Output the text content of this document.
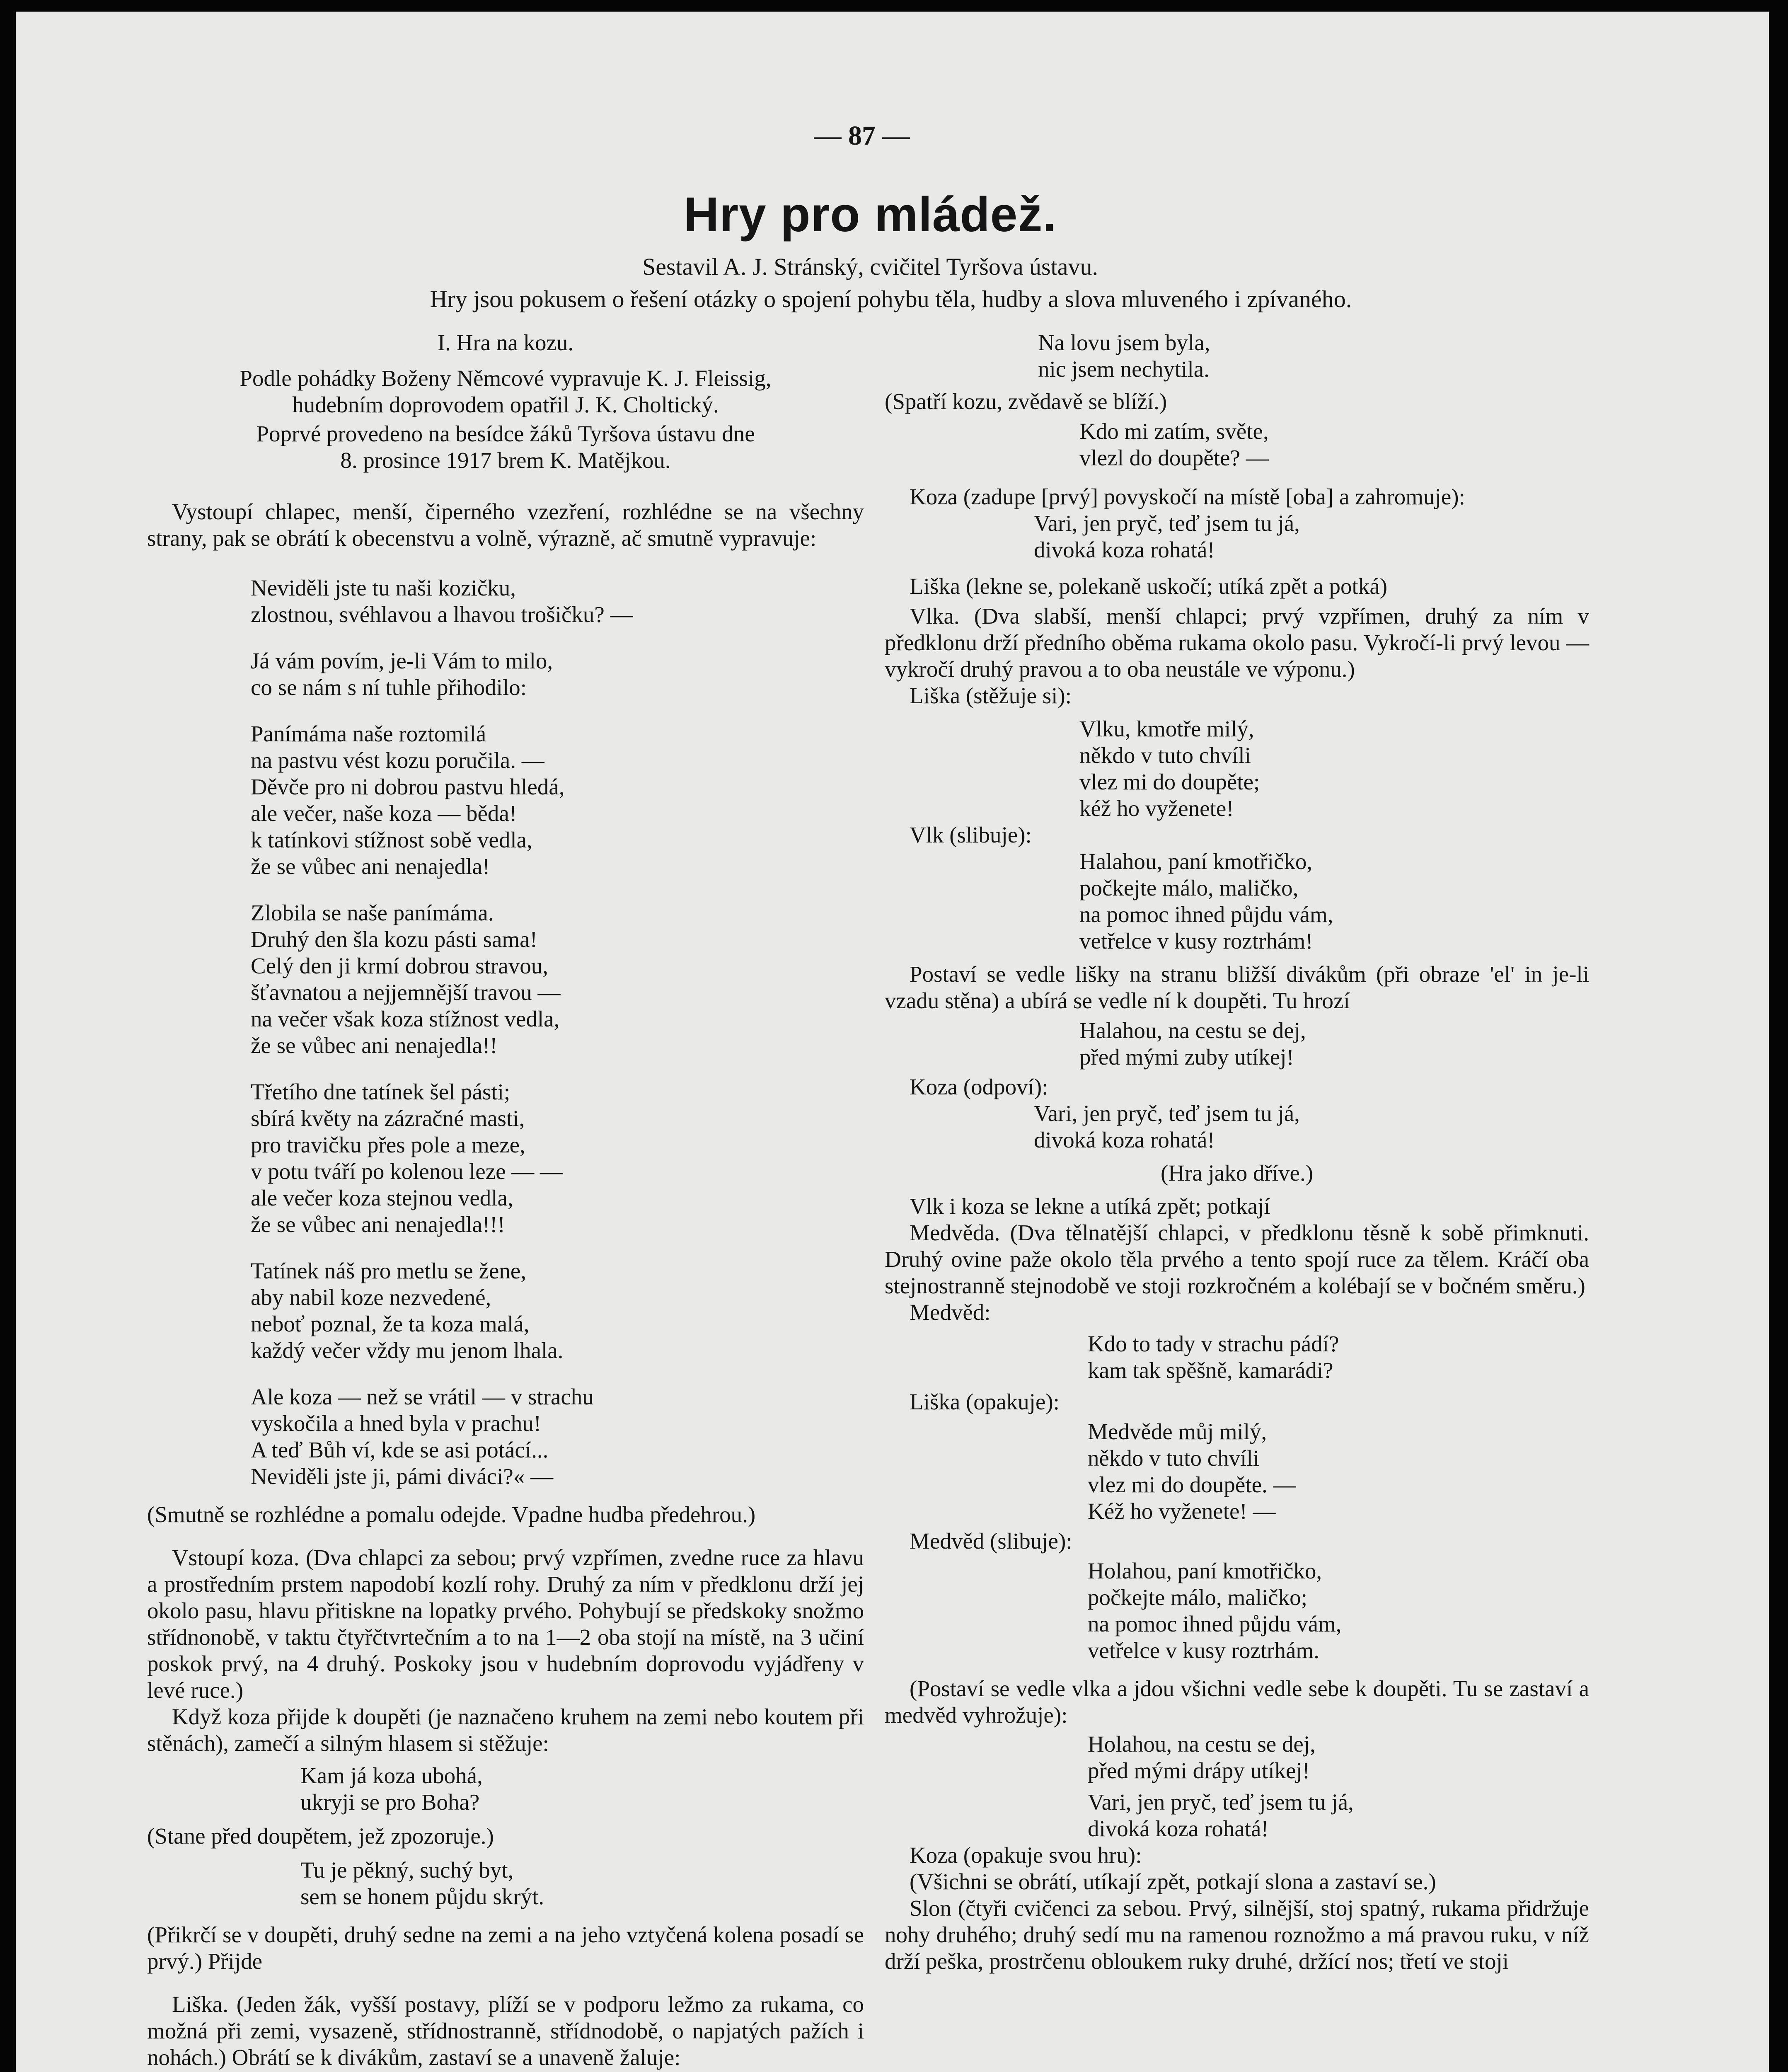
— 87 —
Hry pro mládež.
Sestavil A. J. Stránský, cvičitel Tyršova ústavu.
Hry jsou pokusem o řešení otázky o spojení pohybu těla, hudby a slova mluveného i zpívaného.

I. Hra na kozu.

Podle pohádky Boženy Němcové vypravuje K. J. Fleissig,

hudebním doprovodem opatřil J. K. Choltický.

Poprvé provedeno na besídce žáků Tyršova ústavu dne

8. prosince 1917 brem K. Matějkou.

Vystoupí chlapec, menší, čiperného vzezření, rozhlédne se na všechny strany, pak se obrátí k obecenstvu a volně, výrazně, ač smutně vypravuje:

Neviděli jste tu naši kozičku,

zlostnou, svéhlavou a lhavou trošičku? —

Já vám povím, je-li Vám to milo,

co se nám s ní tuhle přihodilo:

Panímáma naše roztomilá

na pastvu vést kozu poručila. —

Děvče pro ni dobrou pastvu hledá,

ale večer, naše koza — běda!

k tatínkovi stížnost sobě vedla,

že se vůbec ani nenajedla!

Zlobila se naše panímáma.

Druhý den šla kozu pásti sama!

Celý den ji krmí dobrou stravou,

šťavnatou a nejjemnější travou —

na večer však koza stížnost vedla,

že se vůbec ani nenajedla!!

Třetího dne tatínek šel pásti;

sbírá květy na zázračné masti,

pro travičku přes pole a meze,

v potu tváří po kolenou leze — —

ale večer koza stejnou vedla,

že se vůbec ani nenajedla!!!

Tatínek náš pro metlu se žene,

aby nabil koze nezvedené,

neboť poznal, že ta koza malá,

každý večer vždy mu jenom lhala.

Ale koza — než se vrátil — v strachu

vyskočila a hned byla v prachu!

A teď Bůh ví, kde se asi potácí...

Neviděli jste ji, pámi diváci?« —

(Smutně se rozhlédne a pomalu odejde. Vpadne hudba předehrou.)

Vstoupí koza. (Dva chlapci za sebou; prvý vzpřímen, zvedne ruce za hlavu a prostředním prstem napodobí kozlí rohy. Druhý za ním v předklonu drží jej okolo pasu, hlavu přitiskne na lopatky prvého. Pohybují se předskoky snožmo střídnonobě, v taktu čtyřčtvrtečním a to na 1—2 oba stojí na místě, na 3 učiní poskok prvý, na 4 druhý. Poskoky jsou v hudebním doprovodu vyjádřeny v levé ruce.)

Když koza přijde k doupěti (je naznačeno kruhem na zemi nebo koutem při stěnách), zamečí a silným hlasem si stěžuje:

Kam já koza ubohá,

ukryji se pro Boha?

(Stane před doupětem, jež zpozoruje.)

Tu je pěkný, suchý byt,

sem se honem půjdu skrýt.

(Přikrčí se v doupěti, druhý sedne na zemi a na jeho vztyčená kolena posadí se prvý.) Přijde

Liška. (Jeden žák, vyšší postavy, plíží se v podporu ležmo za rukama, co možná při zemi, vysazeně, střídnostranně, střídnodobě, o napjatých pažích i nohách.) Obrátí se k divákům, zastaví se a unaveně žaluje:

Na lovu jsem byla,

nic jsem nechytila.

(Spatří kozu, zvědavě se blíží.)

Kdo mi zatím, světe,

vlezl do doupěte? —

Koza (zadupe [prvý] povyskočí na místě [oba] a zahromuje):

Vari, jen pryč, teď jsem tu já,

divoká koza rohatá!

Liška (lekne se, polekaně uskočí; utíká zpět a potká)

Vlka. (Dva slabší, menší chlapci; prvý vzpřímen, druhý za ním v předklonu drží předního oběma rukama okolo pasu. Vykročí-li prvý levou — vykročí druhý pravou a to oba neustále ve výponu.)

Liška (stěžuje si):

Vlku, kmotře milý,

někdo v tuto chvíli

vlez mi do doupěte;

kéž ho vyženete!

Vlk (slibuje):

Halahou, paní kmotřičko,

počkejte málo, maličko,

na pomoc ihned půjdu vám,

vetřelce v kusy roztrhám!

Postaví se vedle lišky na stranu bližší divákům (při obraze 'el' in je-li vzadu stěna) a ubírá se vedle ní k doupěti. Tu hrozí

Halahou, na cestu se dej,

před mými zuby utíkej!

Koza (odpoví):

Vari, jen pryč, teď jsem tu já,

divoká koza rohatá!

(Hra jako dříve.)

Vlk i koza se lekne a utíká zpět; potkají

Medvěda. (Dva tělnatější chlapci, v předklonu těsně k sobě přimknuti. Druhý ovine paže okolo těla prvého a tento spojí ruce za tělem. Kráčí oba stejnostranně stejnodobě ve stoji rozkročném a kolébají se v bočném směru.)

Medvěd:

Kdo to tady v strachu pádí?

kam tak spěšně, kamarádi?

Liška (opakuje):

Medvěde můj milý,

někdo v tuto chvíli

vlez mi do doupěte. —

Kéž ho vyženete! —

Medvěd (slibuje):

Holahou, paní kmotřičko,

počkejte málo, maličko;

na pomoc ihned půjdu vám,

vetřelce v kusy roztrhám.

(Postaví se vedle vlka a jdou všichni vedle sebe k doupěti. Tu se zastaví a medvěd vyhrožuje):

Holahou, na cestu se dej,

před mými drápy utíkej!

Vari, jen pryč, teď jsem tu já,

divoká koza rohatá!

Koza (opakuje svou hru):

(Všichni se obrátí, utíkají zpět, potkají slona a zastaví se.)

Slon (čtyři cvičenci za sebou. Prvý, silnější, stoj spatný, rukama přidržuje nohy druhého; druhý sedí mu na ramenou roznožmo a má pravou ruku, v níž drží peška, prostrčenu obloukem ruky druhé, držící nos; třetí ve stoji
